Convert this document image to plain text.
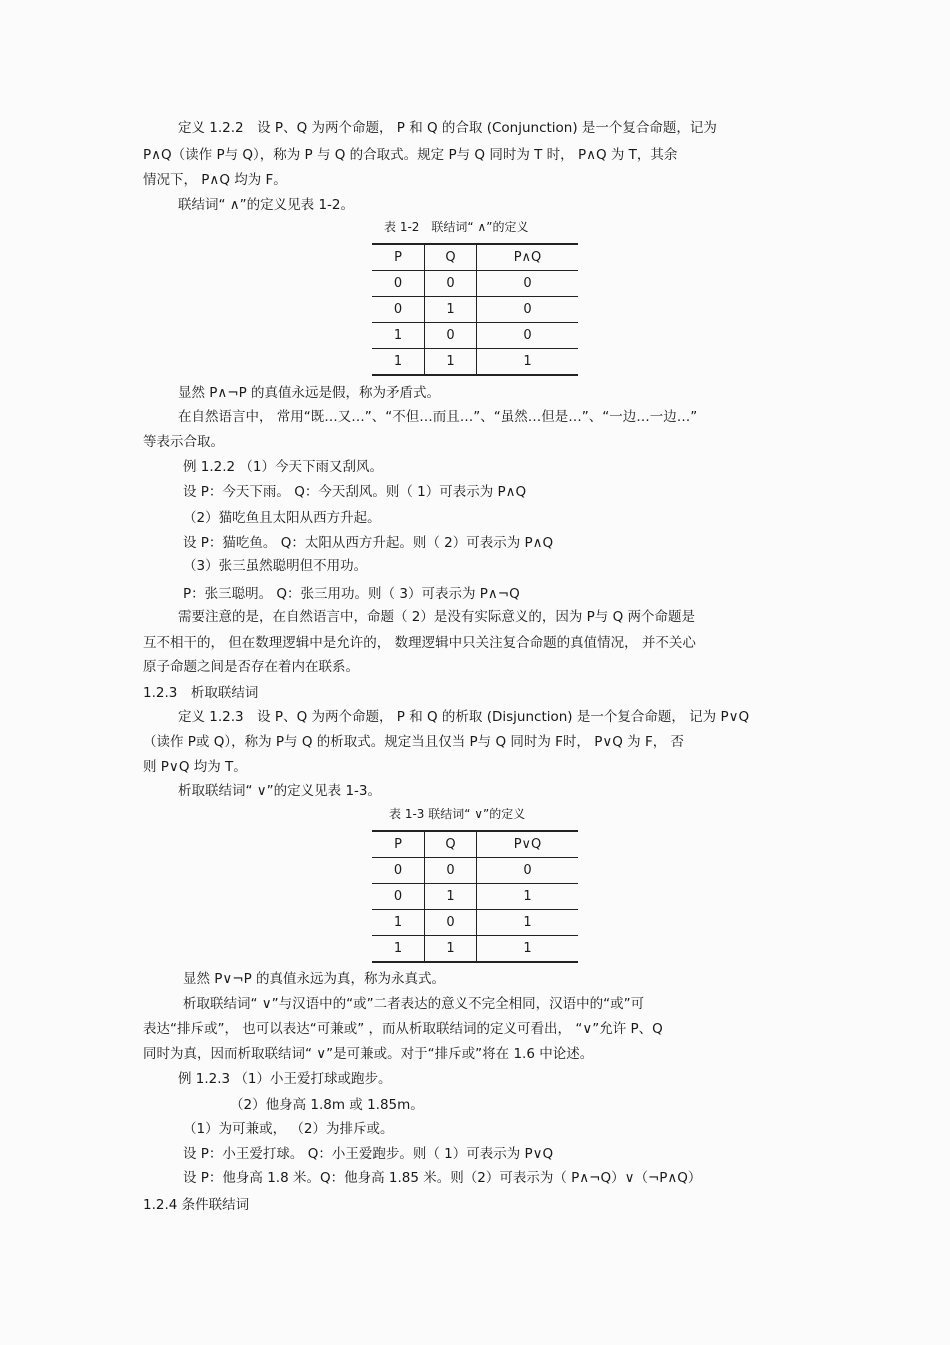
定义 1.2.2　设 P、Q 为两个命题， P 和 Q 的合取 (Conjunction) 是一个复合命题，记为
P∧Q（读作 P与 Q），称为 P 与 Q 的合取式。规定 P与 Q 同时为 T 时， P∧Q 为 T，其余
情况下， P∧Q 均为 F。
联结词“ ∧”的定义见表 1-2。
表 1-2　联结词“ ∧”的定义
P	Q	P∧Q
0	0	0
0	1	0
1	0	0
1	1	1
显然 P∧¬P 的真值永远是假，称为矛盾式。
在自然语言中， 常用“既…又…”、“不但…而且…”、“虽然…但是…”、“一边…一边…”
等表示合取。
例 1.2.2 （1）今天下雨又刮风。
设 P：今天下雨。 Q：今天刮风。则（ 1）可表示为 P∧Q
（2）猫吃鱼且太阳从西方升起。
设 P：猫吃鱼。 Q：太阳从西方升起。则（ 2）可表示为 P∧Q
（3）张三虽然聪明但不用功。
P：张三聪明。 Q：张三用功。则（ 3）可表示为 P∧¬Q
需要注意的是，在自然语言中，命题（ 2）是没有实际意义的，因为 P与 Q 两个命题是
互不相干的， 但在数理逻辑中是允许的， 数理逻辑中只关注复合命题的真值情况， 并不关心
原子命题之间是否存在着内在联系。
1.2.3　析取联结词
定义 1.2.3　设 P、Q 为两个命题， P 和 Q 的析取 (Disjunction) 是一个复合命题， 记为 P∨Q
（读作 P或 Q），称为 P与 Q 的析取式。规定当且仅当 P与 Q 同时为 F时， P∨Q 为 F， 否
则 P∨Q 均为 T。
析取联结词“ ∨”的定义见表 1-3。
表 1-3 联结词“ ∨”的定义
P	Q	P∨Q
0	0	0
0	1	1
1	0	1
1	1	1
显然 P∨¬P 的真值永远为真，称为永真式。
析取联结词“ ∨”与汉语中的“或”二者表达的意义不完全相同，汉语中的“或”可
表达“排斥或”， 也可以表达“可兼或” ，而从析取联结词的定义可看出， “∨”允许 P、Q
同时为真，因而析取联结词“ ∨”是可兼或。对于“排斥或”将在 1.6 中论述。
例 1.2.3 （1）小王爱打球或跑步。
（2）他身高 1.8m 或 1.85m。
（1）为可兼或， （2）为排斥或。
设 P：小王爱打球。 Q：小王爱跑步。则（ 1）可表示为 P∨Q
设 P：他身高 1.8 米。Q：他身高 1.85 米。则（2）可表示为（ P∧¬Q）∨（¬P∧Q）
1.2.4 条件联结词
